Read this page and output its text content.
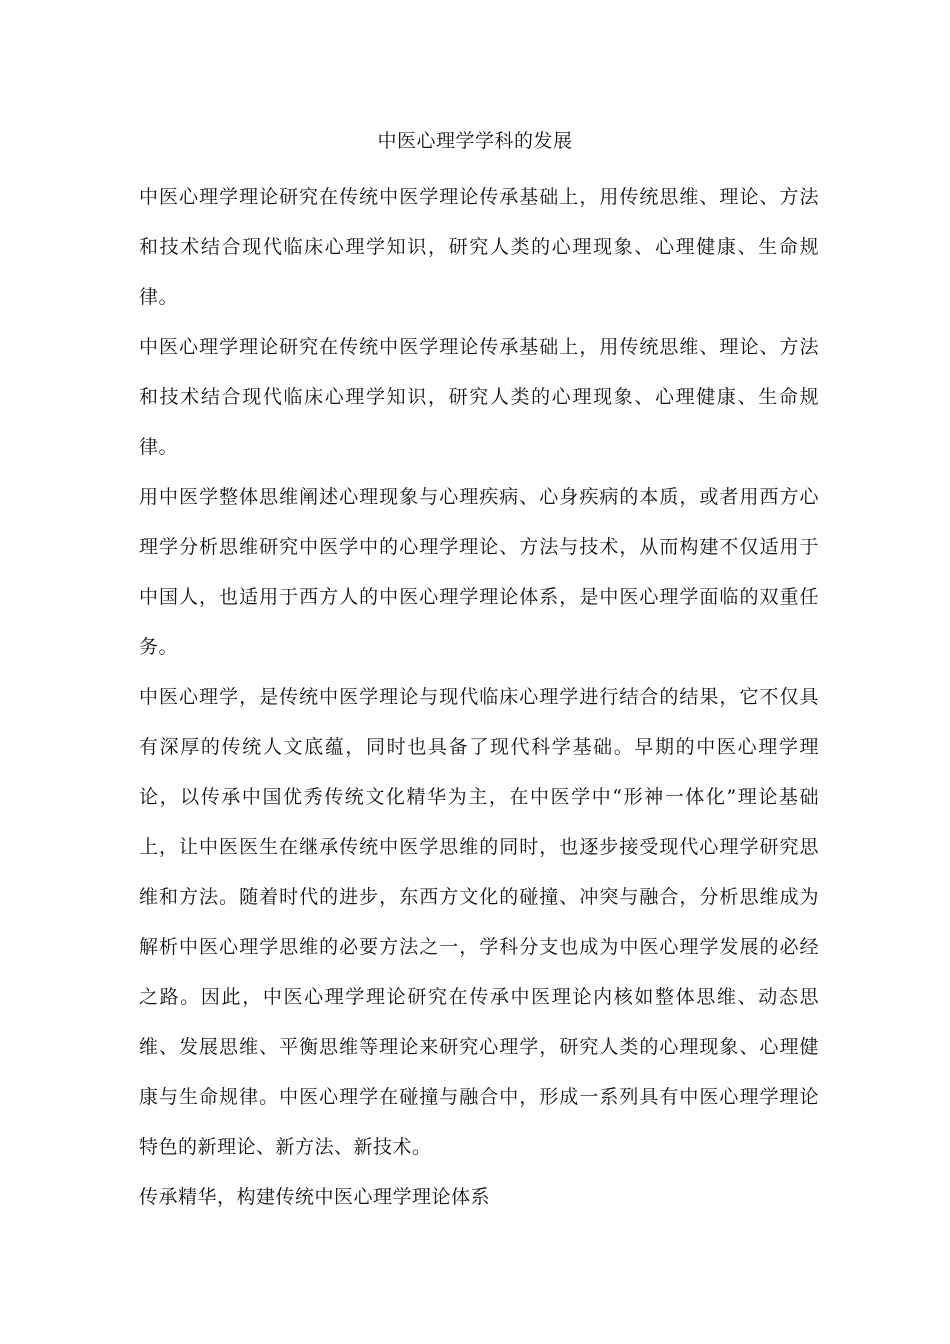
中医心理学学科的发展

中医心理学理论研究在传统中医学理论传承基础上，用传统思维、理论、方法和技术结合现代临床心理学知识，研究人类的心理现象、心理健康、生命规律。

中医心理学理论研究在传统中医学理论传承基础上，用传统思维、理论、方法和技术结合现代临床心理学知识，研究人类的心理现象、心理健康、生命规律。

用中医学整体思维阐述心理现象与心理疾病、心身疾病的本质，或者用西方心理学分析思维研究中医学中的心理学理论、方法与技术，从而构建不仅适用于中国人，也适用于西方人的中医心理学理论体系，是中医心理学面临的双重任务。

中医心理学，是传统中医学理论与现代临床心理学进行结合的结果，它不仅具有深厚的传统人文底蕴，同时也具备了现代科学基础。早期的中医心理学理论，以传承中国优秀传统文化精华为主，在中医学中“形神一体化”理论基础上，让中医医生在继承传统中医学思维的同时，也逐步接受现代心理学研究思维和方法。随着时代的进步，东西方文化的碰撞、冲突与融合，分析思维成为解析中医心理学思维的必要方法之一，学科分支也成为中医心理学发展的必经之路。因此，中医心理学理论研究在传承中医理论内核如整体思维、动态思维、发展思维、平衡思维等理论来研究心理学，研究人类的心理现象、心理健康与生命规律。中医心理学在碰撞与融合中，形成一系列具有中医心理学理论特色的新理论、新方法、新技术。

传承精华，构建传统中医心理学理论体系
